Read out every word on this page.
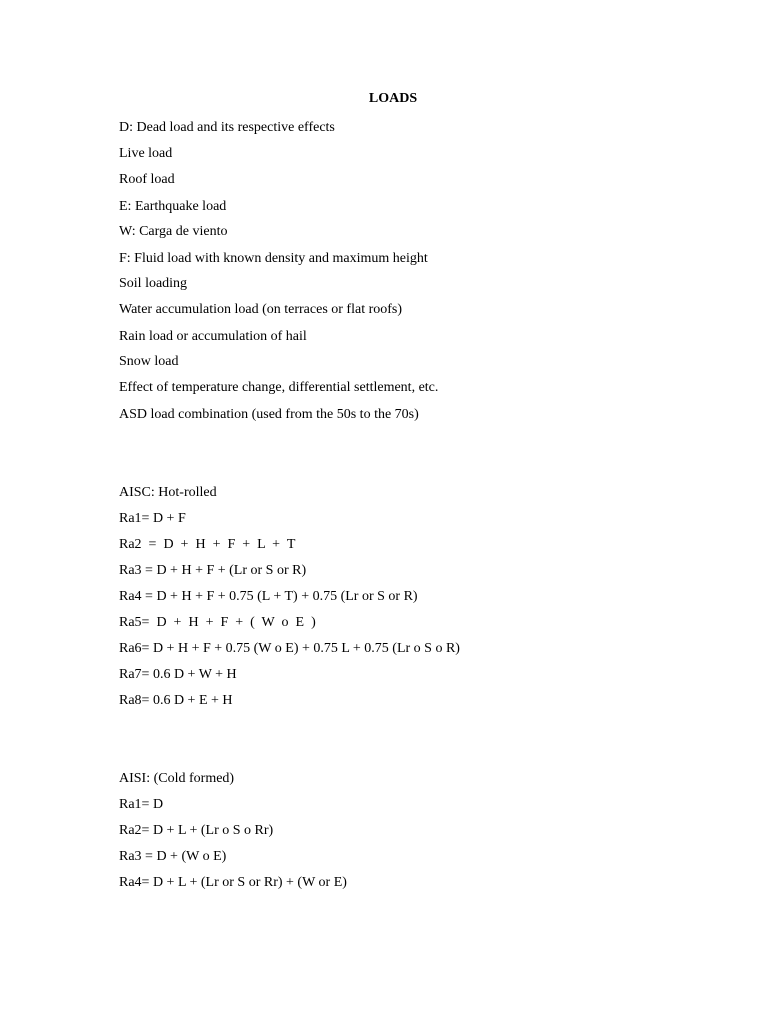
LOADS
D: Dead load and its respective effects
Live load
Roof load
E: Earthquake load
W: Carga de viento
F: Fluid load with known density and maximum height
Soil loading
Water accumulation load (on terraces or flat roofs)
Rain load or accumulation of hail
Snow load
Effect of temperature change, differential settlement, etc.
ASD load combination (used from the 50s to the 70s)
AISC: Hot-rolled
Ra1= D + F
Ra2  =  D  +  H  +  F  +  L  +  T
Ra3 = D + H + F + (Lr or S or R)
Ra4 = D + H + F + 0.75 (L + T) + 0.75 (Lr or S or R)
Ra5=  D  +  H  +  F  +  (  W  o  E  )
Ra6= D + H + F + 0.75 (W o E) + 0.75 L + 0.75 (Lr o S o R)
Ra7= 0.6 D + W + H
Ra8= 0.6 D + E + H
AISI: (Cold formed)
Ra1= D
Ra2= D + L + (Lr o S o Rr)
Ra3 = D + (W o E)
Ra4= D + L + (Lr or S or Rr) + (W or E)
